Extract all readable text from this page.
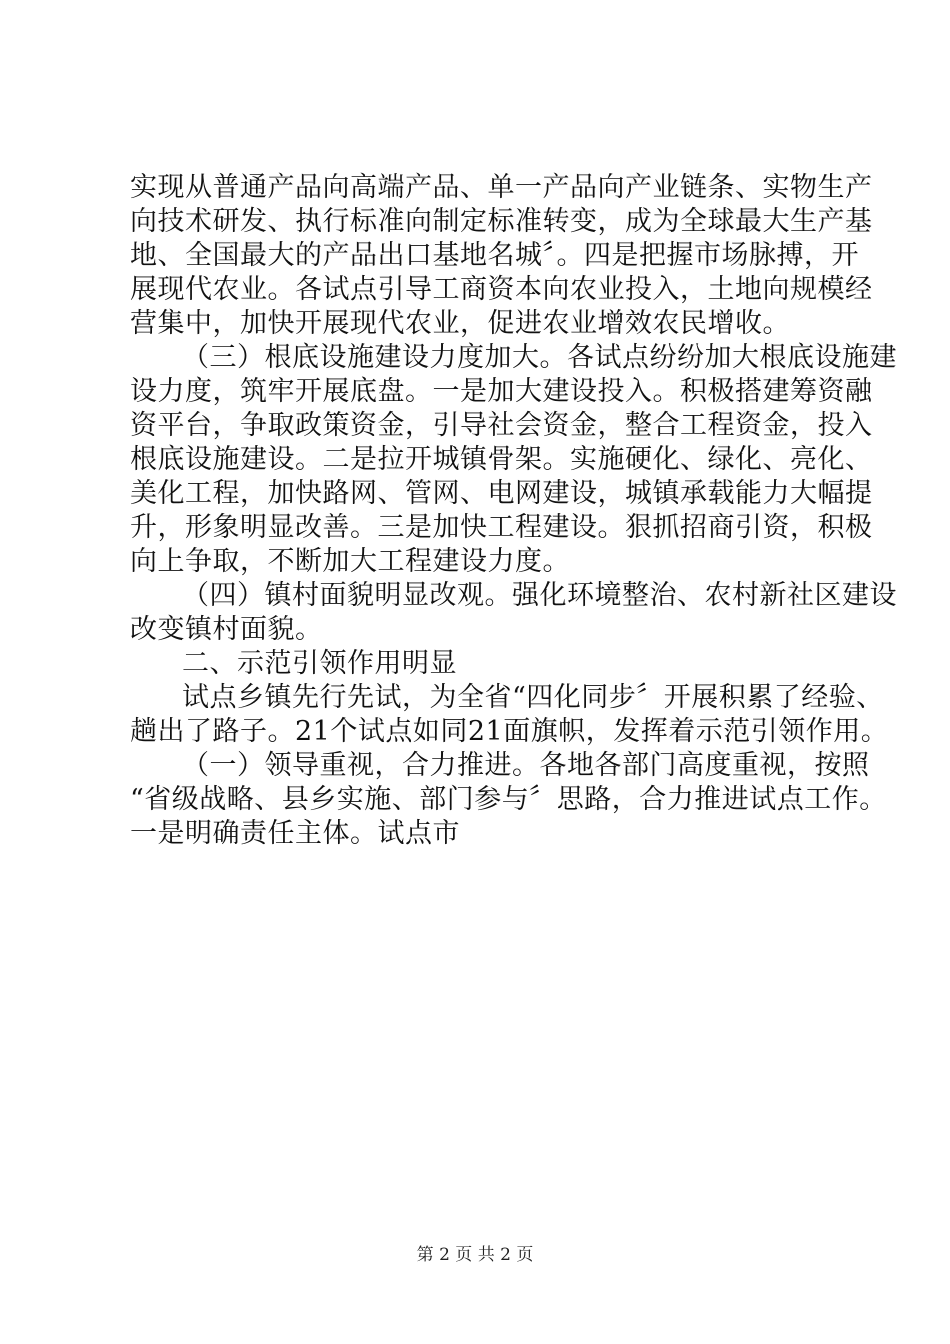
实现从普通产品向高端产品、单一产品向产业链条、实物生产
向技术研发、执行标准向制定标准转变，成为全球最大生产基
地、全国最大的产品出口基地名城〞。四是把握市场脉搏，开
展现代农业。各试点引导工商资本向农业投入，土地向规模经
营集中，加快开展现代农业，促进农业增效农民增收。
（三）根底设施建设力度加大。各试点纷纷加大根底设施建
设力度，筑牢开展底盘。一是加大建设投入。积极搭建筹资融
资平台，争取政策资金，引导社会资金，整合工程资金，投入
根底设施建设。二是拉开城镇骨架。实施硬化、绿化、亮化、
美化工程，加快路网、管网、电网建设，城镇承载能力大幅提
升，形象明显改善。三是加快工程建设。狠抓招商引资，积极
向上争取，不断加大工程建设力度。
（四）镇村面貌明显改观。强化环境整治、农村新社区建设
改变镇村面貌。
二、示范引领作用明显
试点乡镇先行先试，为全省“四化同步〞开展积累了经验、
趟出了路子。21个试点如同21面旗帜，发挥着示范引领作用。
（一）领导重视，合力推进。各地各部门高度重视，按照
“省级战略、县乡实施、部门参与〞思路，合力推进试点工作。
一是明确责任主体。试点市
第 2 页 共 2 页
